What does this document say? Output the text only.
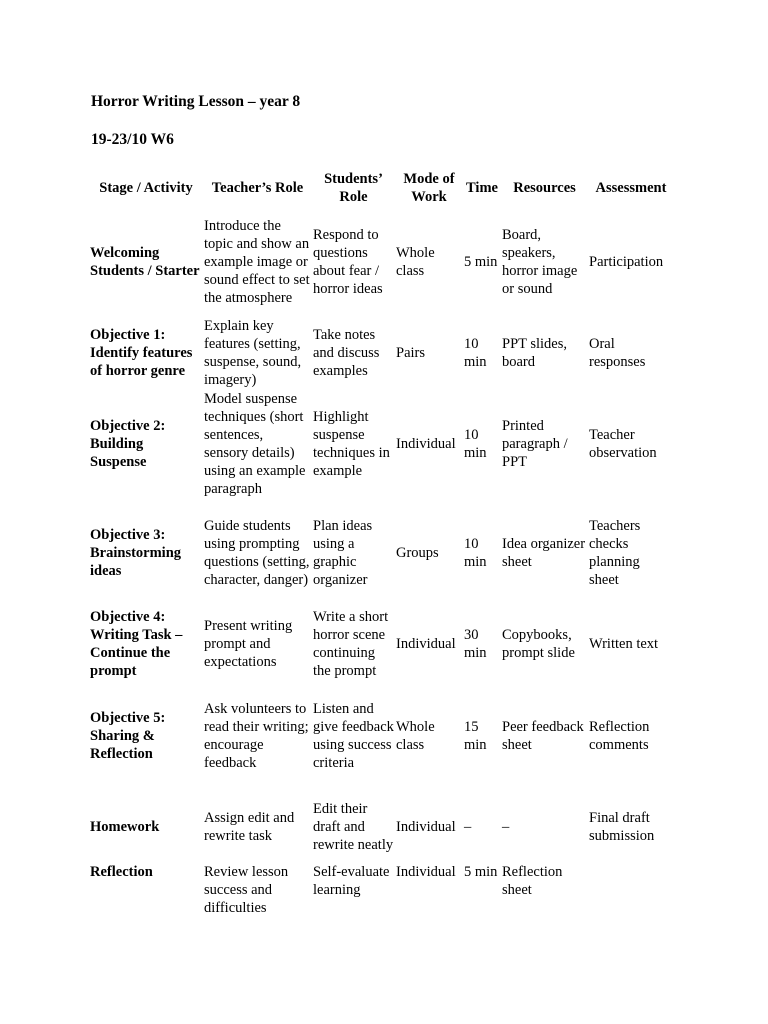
Horror Writing Lesson – year 8
19-23/10 W6
Stage / Activity	Teacher’s Role	Students’ Role	Mode of Work	Time	Resources	Assessment
Welcoming Students / Starter	Introduce the topic and show an example image or sound effect to set the atmosphere	Respond to questions about fear / horror ideas	Whole class	5 min	Board, speakers, horror image or sound	Participation
Objective 1: Identify features of horror genre	Explain key features (setting, suspense, sound, imagery)	Take notes and discuss examples	Pairs	10 min	PPT slides, board	Oral responses
Objective 2: Building Suspense	Model suspense techniques (short sentences, sensory details) using an example paragraph	Highlight suspense techniques in example	Individual	10 min	Printed paragraph / PPT	Teacher observation
Objective 3: Brainstorming ideas	Guide students using prompting questions (setting, character, danger)	Plan ideas using a graphic organizer	Groups	10 min	Idea organizer sheet	Teachers checks planning sheet
Objective 4: Writing Task – Continue the prompt	Present writing prompt and expectations	Write a short horror scene continuing the prompt	Individual	30 min	Copybooks, prompt slide	Written text
Objective 5: Sharing & Reflection	Ask volunteers to read their writing; encourage feedback	Listen and give feedback using success criteria	Whole class	15 min	Peer feedback sheet	Reflection comments
Homework	Assign edit and rewrite task	Edit their draft and rewrite neatly	Individual	–	–	Final draft submission
Reflection	Review lesson success and difficulties	Self-evaluate learning	Individual	5 min	Reflection sheet	
